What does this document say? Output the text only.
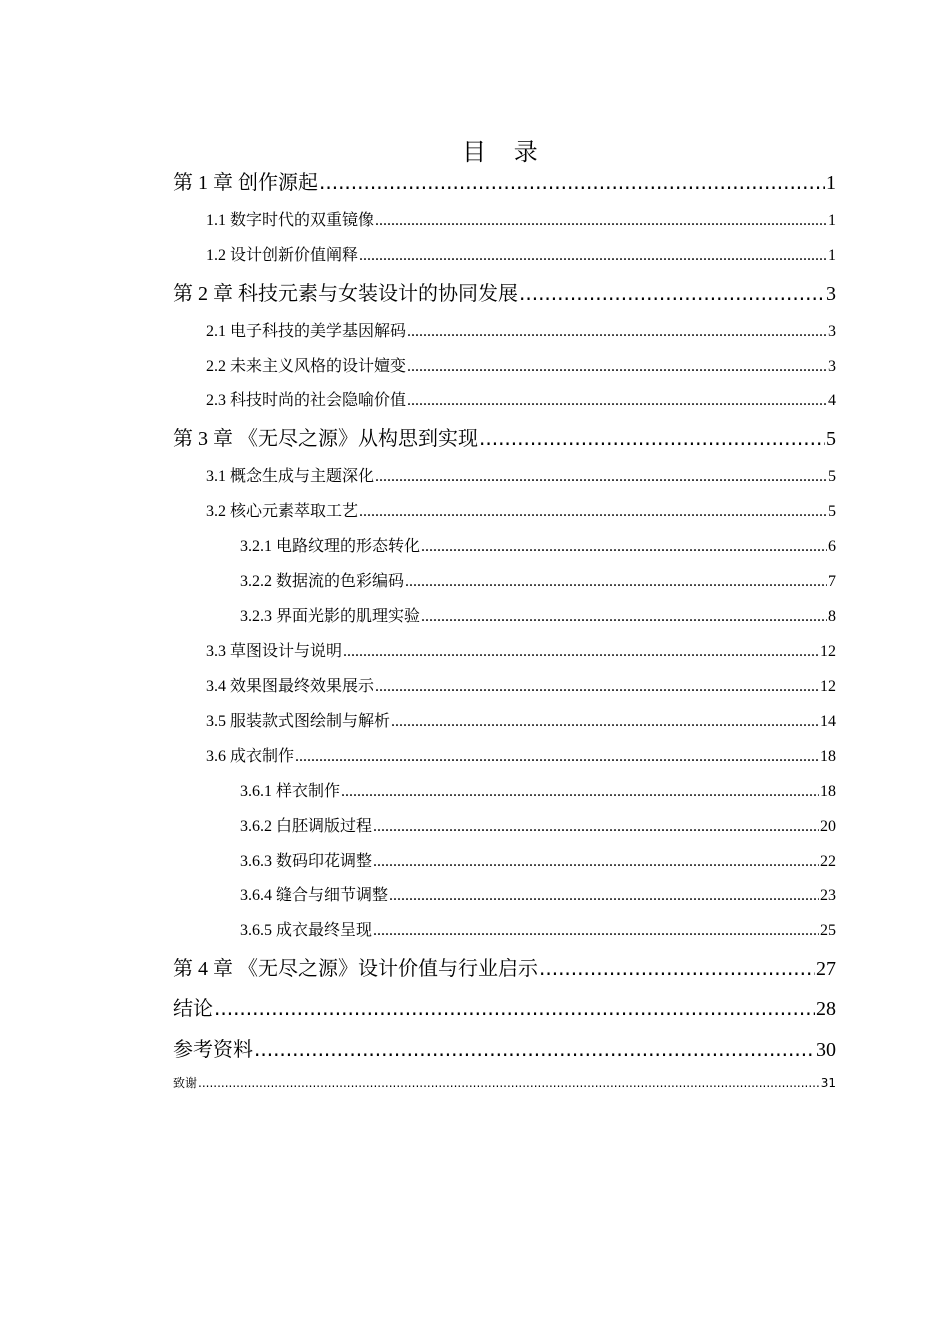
目 录
第 1 章 创作源起 .....	1
1.1 数字时代的双重镜像 .....	1
1.2 设计创新价值阐释 .....	1
第 2 章 科技元素与女装设计的协同发展 .....	3
2.1 电子科技的美学基因解码 .....	3
2.2 未来主义风格的设计嬗变 .....	3
2.3 科技时尚的社会隐喻价值 .....	4
第 3 章 《无尽之源》从构思到实现 .....	5
3.1 概念生成与主题深化 .....	5
3.2 核心元素萃取工艺 .....	5
3.2.1 电路纹理的形态转化 .....	6
3.2.2 数据流的色彩编码 .....	7
3.2.3 界面光影的肌理实验 .....	8
3.3 草图设计与说明 .....	12
3.4 效果图最终效果展示 .....	12
3.5 服装款式图绘制与解析 .....	14
3.6 成衣制作 .....	18
3.6.1 样衣制作 .....	18
3.6.2 白胚调版过程 .....	20
3.6.3 数码印花调整 .....	22
3.6.4 缝合与细节调整 .....	23
3.6.5 成衣最终呈现 .....	25
第 4 章 《无尽之源》设计价值与行业启示 .....	27
结论 .....	28
参考资料 .....	30
致谢 .....	31
